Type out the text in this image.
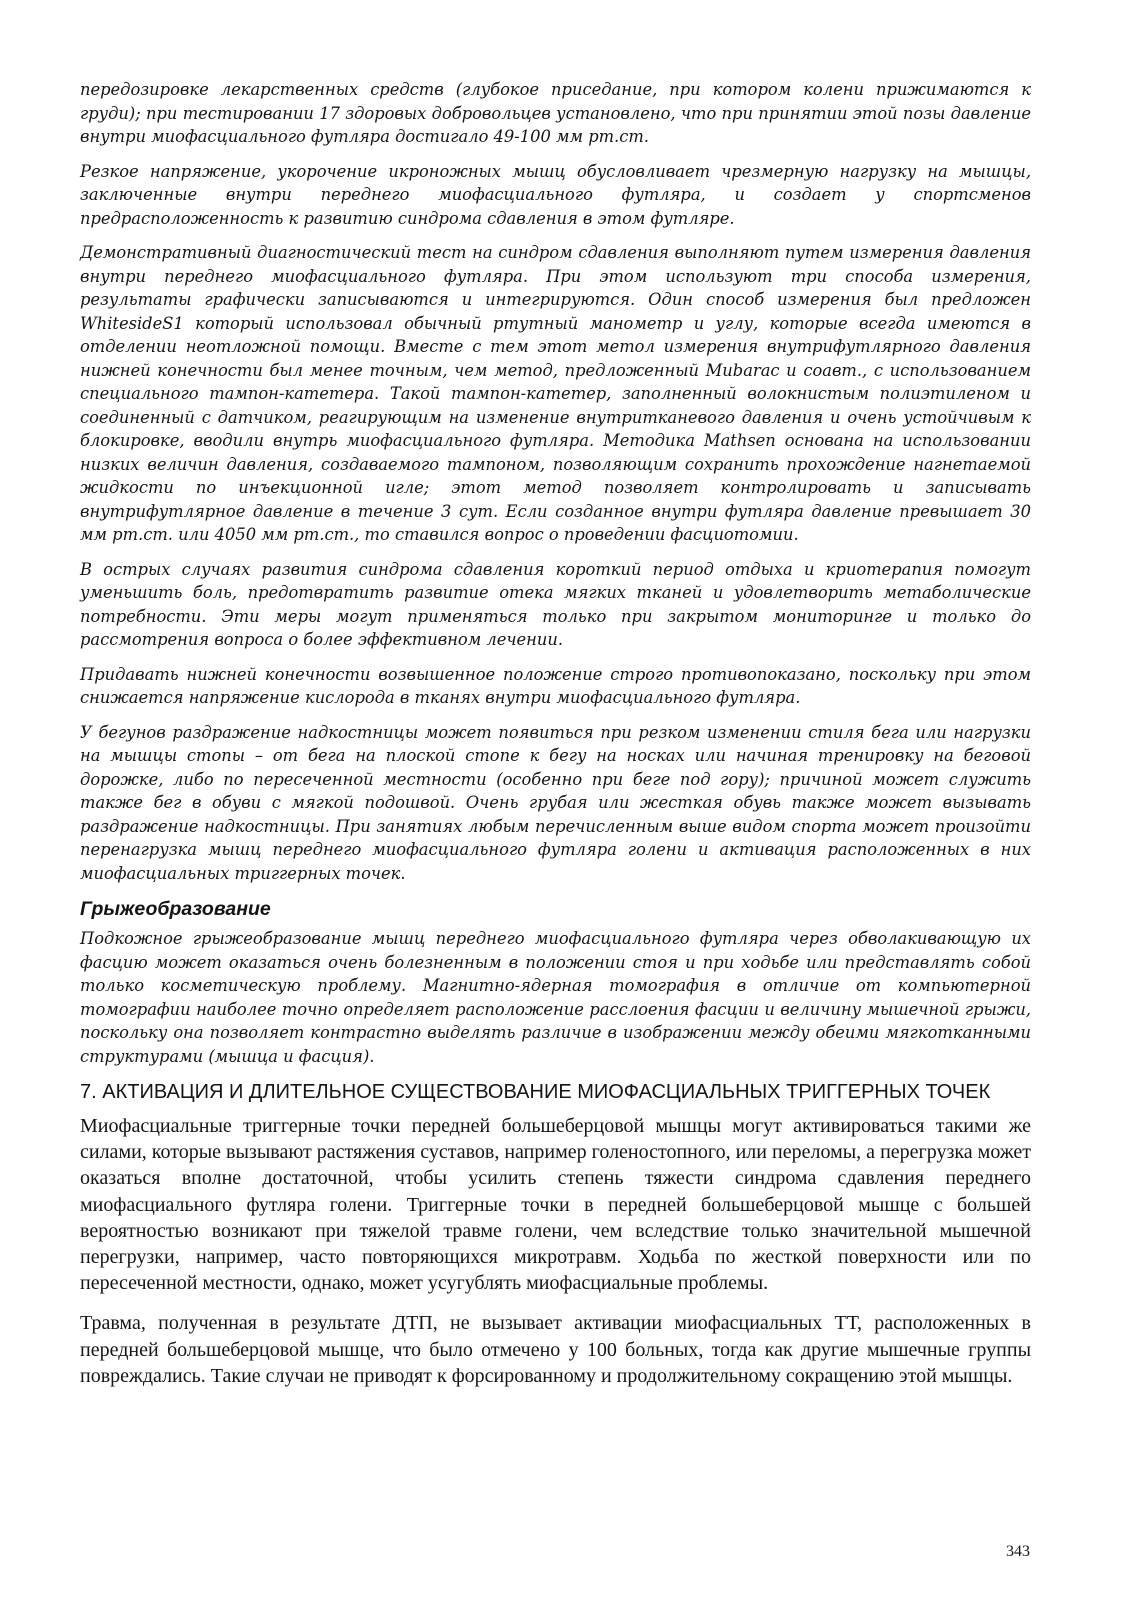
передозировке лекарственных средств (глубокое приседание, при котором колени прижимаются к груди); при тестировании 17 здоровых добровольцев установлено, что при принятии этой позы давление внутри миофасциального футляра достигало 49-100 мм рт.ст.

Резкое напряжение, укорочение икроножных мышц обусловливает чрезмерную нагрузку на мышцы, заключенные внутри переднего миофасциального футляра, и создает у спортсменов предрасположенность к развитию синдрома сдавления в этом футляре.

Демонстративный диагностический тест на синдром сдавления выполняют путем измерения давления внутри переднего миофасциального футляра. При этом используют три способа измерения, результаты графически записываются и интегрируются. Один способ измерения был предложен WhitesideS1 который использовал обычный ртутный манометр и углу, которые всегда имеются в отделении неотложной помощи. Вместе с тем этот метол измерения внутрифутлярного давления нижней конечности был менее точным, чем метод, предложенный Mubarac и соавт., с использованием специального тампон-катетера. Такой тампон-катетер, заполненный волокнистым полиэтиленом и соединенный с датчиком, реагирующим на изменение внутритканевого давления и очень устойчивым к блокировке, вводили внутрь миофасциального футляра. Методика Mathsen основана на использовании низких величин давления, создаваемого тампоном, позволяющим сохранить прохождение нагнетаемой жидкости по инъекционной игле; этот метод позволяет контролировать и записывать внутрифутлярное давление в течение 3 сут. Если созданное внутри футляра давление превышает 30 мм рт.ст. или 4050 мм рт.ст., то ставился вопрос о проведении фасциотомии.

В острых случаях развития синдрома сдавления короткий период отдыха и криотерапия помогут уменьшить боль, предотвратить развитие отека мягких тканей и удовлетворить метаболические потребности. Эти меры могут применяться только при закрытом мониторинге и только до рассмотрения вопроса о более эффективном лечении.

Придавать нижней конечности возвышенное положение строго противопоказано, поскольку при этом снижается напряжение кислорода в тканях внутри миофасциального футляра.

У бегунов раздражение надкостницы может появиться при резком изменении стиля бега или нагрузки на мышцы стопы – от бега на плоской стопе к бегу на носках или начиная тренировку на беговой дорожке, либо по пересеченной местности (особенно при беге под гору); причиной может служить также бег в обуви с мягкой подошвой. Очень грубая или жесткая обувь также может вызывать раздражение надкостницы. При занятиях любым перечисленным выше видом спорта может произойти перенагрузка мышц переднего миофасциального футляра голени и активация расположенных в них миофасциальных триггерных точек.

Грыжеобразование

Подкожное грыжеобразование мышц переднего миофасциального футляра через обволакивающую их фасцию может оказаться очень болезненным в положении стоя и при ходьбе или представлять собой только косметическую проблему. Магнитно-ядерная томография в отличие от компьютерной томографии наиболее точно определяет расположение расслоения фасции и величину мышечной грыжи, поскольку она позволяет контрастно выделять различие в изображении между обеими мягкотканными структурами (мышца и фасция).

7. АКТИВАЦИЯ И ДЛИТЕЛЬНОЕ СУЩЕСТВОВАНИЕ МИОФАСЦИАЛЬНЫХ ТРИГГЕРНЫХ ТОЧЕК

Миофасциальные триггерные точки передней большеберцовой мышцы могут активироваться такими же силами, которые вызывают растяжения суставов, например голеностопного, или переломы, а перегрузка может оказаться вполне достаточной, чтобы усилить степень тяжести синдрома сдавления переднего миофасциального футляра голени. Триггерные точки в передней большеберцовой мышце с большей вероятностью возникают при тяжелой травме голени, чем вследствие только значительной мышечной перегрузки, например, часто повторяющихся микротравм. Ходьба по жесткой поверхности или по пересеченной местности, однако, может усугублять миофасциальные проблемы.

Травма, полученная в результате ДТП, не вызывает активации миофасциальных ТТ, расположенных в передней большеберцовой мышце, что было отмечено у 100 больных, тогда как другие мышечные группы повреждались. Такие случаи не приводят к форсированному и продолжительному сокращению этой мышцы.

343
